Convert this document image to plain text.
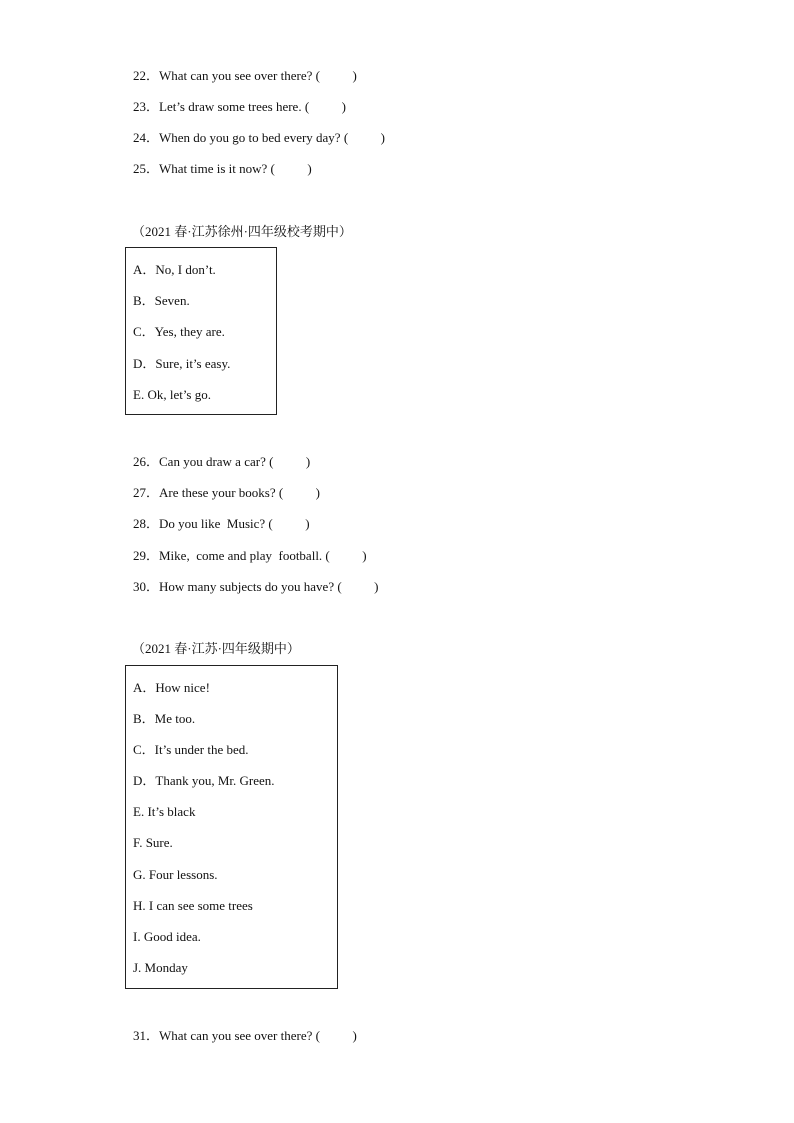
22．What can you see over there? (          )
23．Let’s draw some trees here. (          )
24．When do you go to bed every day? (          )
25．What time is it now? (          )
（2021 春·江苏徐州·四年级校考期中）
A．No, I don’t.
B．Seven.
C．Yes, they are.
D．Sure, it’s easy.
E. Ok, let’s go.
26．Can you draw a car? (          )
27．Are these your books? (          )
28．Do you like  Music? (          )
29．Mike,  come and play  football. (          )
30．How many subjects do you have? (          )
（2021 春·江苏·四年级期中）
A．How nice!
B．Me too.
C．It’s under the bed.
D．Thank you, Mr. Green.
E. It’s black
F. Sure.
G. Four lessons.
H. I can see some trees
I. Good idea.
J. Monday
31．What can you see over there? (          )
